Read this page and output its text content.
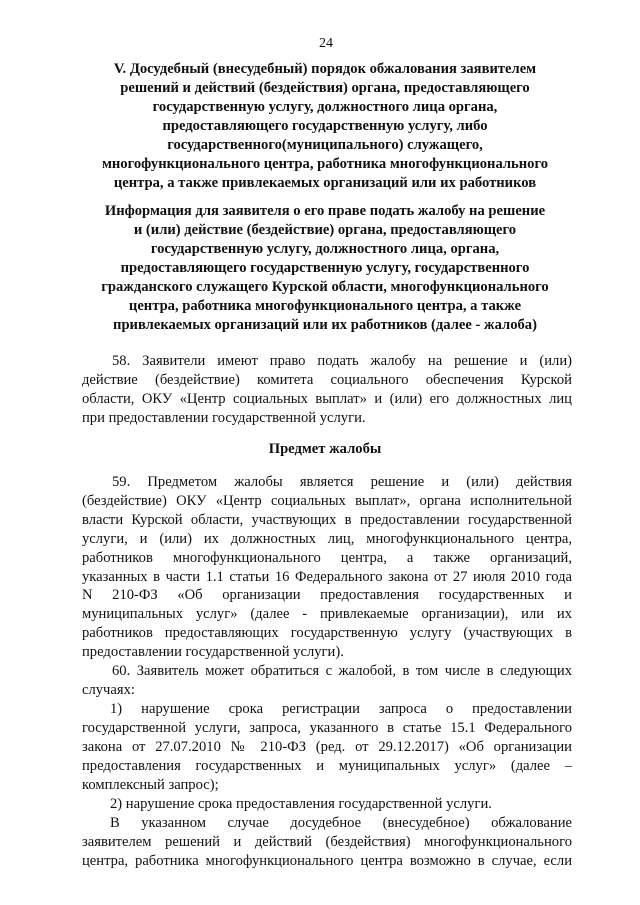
24
V. Досудебный (внесудебный) порядок обжалования заявителем
решений и действий (бездействия) органа, предоставляющего
государственную услугу, должностного лица органа,
предоставляющего государственную услугу, либо
государственного(муниципального) служащего,
многофункционального центра, работника многофункционального
центра, а также привлекаемых организаций или их работников
Информация для заявителя о его праве подать жалобу на решение
и (или) действие (бездействие) органа, предоставляющего
государственную услугу, должностного лица, органа,
предоставляющего государственную услугу, государственного
гражданского служащего Курской области, многофункционального
центра, работника многофункционального центра, а также
привлекаемых организаций или их работников (далее - жалоба)
58. Заявители имеют право подать жалобу на решение и (или)
действие (бездействие) комитета социального обеспечения Курской
области, ОКУ «Центр социальных выплат» и (или) его должностных лиц
при предоставлении государственной услуги.
Предмет жалобы
59. Предметом жалобы является решение и (или) действия
(бездействие) ОКУ «Центр социальных выплат», органа исполнительной
власти Курской области, участвующих в предоставлении государственной
услуги, и (или) их должностных лиц, многофункционального центра,
работников многофункционального центра, а также организаций,
указанных в части 1.1 статьи 16 Федерального закона от 27 июля 2010 года
N 210-ФЗ «Об организации предоставления государственных и
муниципальных услуг» (далее - привлекаемые организации), или их
работников предоставляющих государственную услугу (участвующих в
предоставлении государственной услуги).
60. Заявитель может обратиться с жалобой, в том числе в следующих
случаях:
1) нарушение срока регистрации запроса о предоставлении
государственной услуги, запроса, указанного в статье 15.1 Федерального
закона от 27.07.2010 № 210-ФЗ (ред. от 29.12.2017) «Об организации
предоставления государственных и муниципальных услуг» (далее –
комплексный запрос);
2) нарушение срока предоставления государственной услуги.
В указанном случае досудебное (внесудебное) обжалование
заявителем решений и действий (бездействия) многофункционального
центра, работника многофункционального центра возможно в случае, если
